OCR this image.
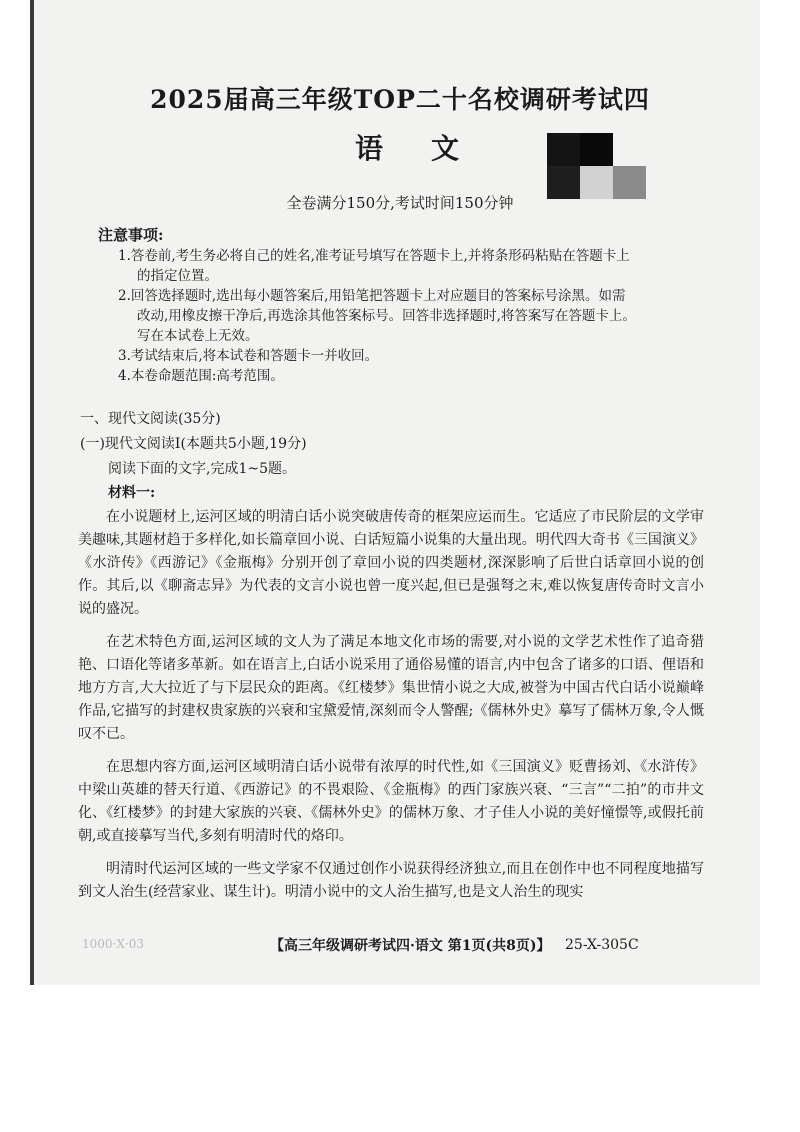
2025届高三年级TOP二十名校调研考试四
语文
全卷满分150分,考试时间150分钟
注意事项:
1.答卷前,考生务必将自己的姓名,准考证号填写在答题卡上,并将条形码粘贴在答题卡上
的指定位置。
2.回答选择题时,选出每小题答案后,用铅笔把答题卡上对应题目的答案标号涂黑。如需
改动,用橡皮擦干净后,再选涂其他答案标号。回答非选择题时,将答案写在答题卡上。
写在本试卷上无效。
3.考试结束后,将本试卷和答题卡一并收回。
4.本卷命题范围:高考范围。
一、现代文阅读(35分)
(一)现代文阅读Ⅰ(本题共5小题,19分)
阅读下面的文字,完成1~5题。
材料一:

在小说题材上,运河区域的明清白话小说突破唐传奇的框架应运而生。它适应了市民阶层的文学审美趣味,其题材趋于多样化,如长篇章回小说、白话短篇小说集的大量出现。明代四大奇书《三国演义》《水浒传》《西游记》《金瓶梅》分别开创了章回小说的四类题材,深深影响了后世白话章回小说的创作。其后,以《聊斋志异》为代表的文言小说也曾一度兴起,但已是强弩之末,难以恢复唐传奇时文言小说的盛况。

在艺术特色方面,运河区域的文人为了满足本地文化市场的需要,对小说的文学艺术性作了追奇猎艳、口语化等诸多革新。如在语言上,白话小说采用了通俗易懂的语言,内中包含了诸多的口语、俚语和地方方言,大大拉近了与下层民众的距离。《红楼梦》集世情小说之大成,被誉为中国古代白话小说巅峰作品,它描写的封建权贵家族的兴衰和宝黛爱情,深刻而令人警醒;《儒林外史》摹写了儒林万象,令人慨叹不已。

在思想内容方面,运河区域明清白话小说带有浓厚的时代性,如《三国演义》贬曹扬刘、《水浒传》中梁山英雄的替天行道、《西游记》的不畏艰险、《金瓶梅》的西门家族兴衰、“三言”“二拍”的市井文化、《红楼梦》的封建大家族的兴衰、《儒林外史》的儒林万象、才子佳人小说的美好憧憬等,或假托前朝,或直接摹写当代,多刻有明清时代的烙印。

明清时代运河区域的一些文学家不仅通过创作小说获得经济独立,而且在创作中也不同程度地描写到文人治生(经营家业、谋生计)。明清小说中的文人治生描写,也是文人治生的现实

1000·X·03	【高三年级调研考试四·语文 第1页(共8页)】 25-X-305C
